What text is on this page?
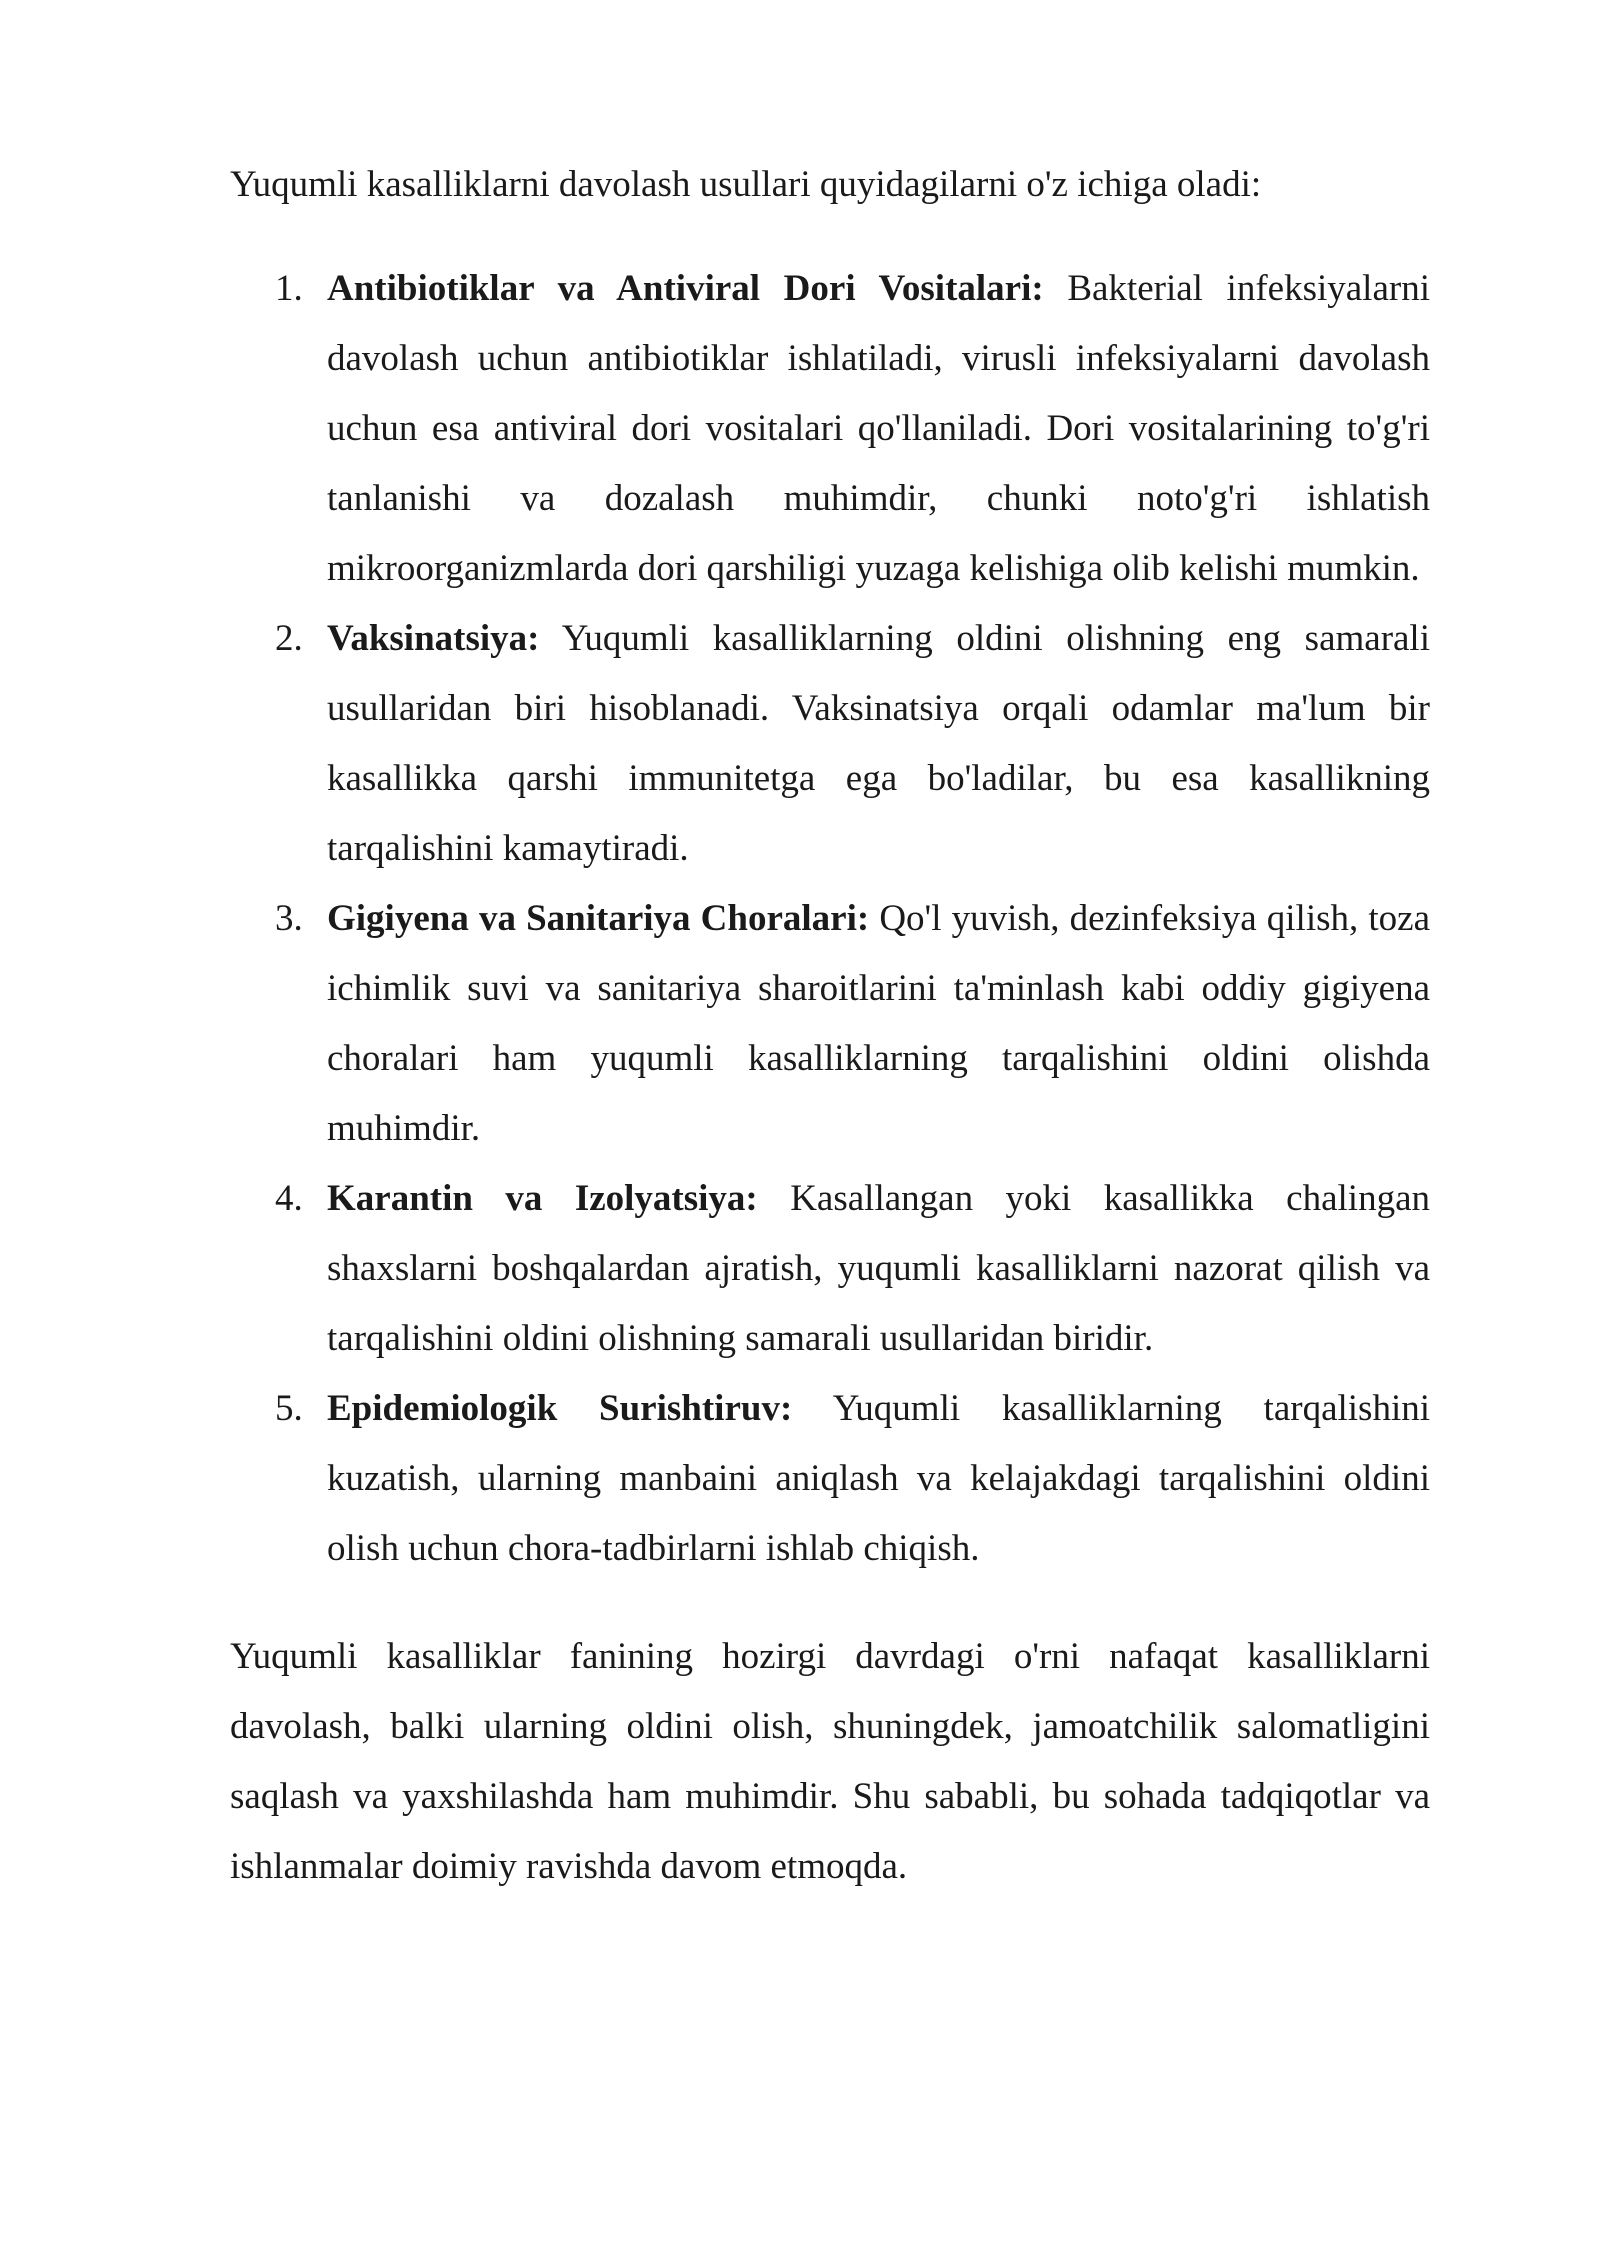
Yuqumli kasalliklarni davolash usullari quyidagilarni o'z ichiga oladi:

1. Antibiotiklar va Antiviral Dori Vositalari: Bakterial infeksiyalarni davolash uchun antibiotiklar ishlatiladi, virusli infeksiyalarni davolash uchun esa antiviral dori vositalari qo'llaniladi. Dori vositalarining to'g'ri tanlanishi va dozalash muhimdir, chunki noto'g'ri ishlatish mikroorganizmlarda dori qarshiligi yuzaga kelishiga olib kelishi mumkin.
2. Vaksinatsiya: Yuqumli kasalliklarning oldini olishning eng samarali usullaridan biri hisoblanadi. Vaksinatsiya orqali odamlar ma'lum bir kasallikka qarshi immunitetga ega bo'ladilar, bu esa kasallikning tarqalishini kamaytiradi.
3. Gigiyena va Sanitariya Choralari: Qo'l yuvish, dezinfeksiya qilish, toza ichimlik suvi va sanitariya sharoitlarini ta'minlash kabi oddiy gigiyena choralari ham yuqumli kasalliklarning tarqalishini oldini olishda muhimdir.
4. Karantin va Izolyatsiya: Kasallangan yoki kasallikka chalingan shaxslarni boshqalardan ajratish, yuqumli kasalliklarni nazorat qilish va tarqalishini oldini olishning samarali usullaridan biridir.
5. Epidemiologik Surishtiruv: Yuqumli kasalliklarning tarqalishini kuzatish, ularning manbaini aniqlash va kelajakdagi tarqalishini oldini olish uchun chora-tadbirlarni ishlab chiqish.

Yuqumli kasalliklar fanining hozirgi davrdagi o'rni nafaqat kasalliklarni davolash, balki ularning oldini olish, shuningdek, jamoatchilik salomatligini saqlash va yaxshilashda ham muhimdir. Shu sababli, bu sohada tadqiqotlar va ishlanmalar doimiy ravishda davom etmoqda.
